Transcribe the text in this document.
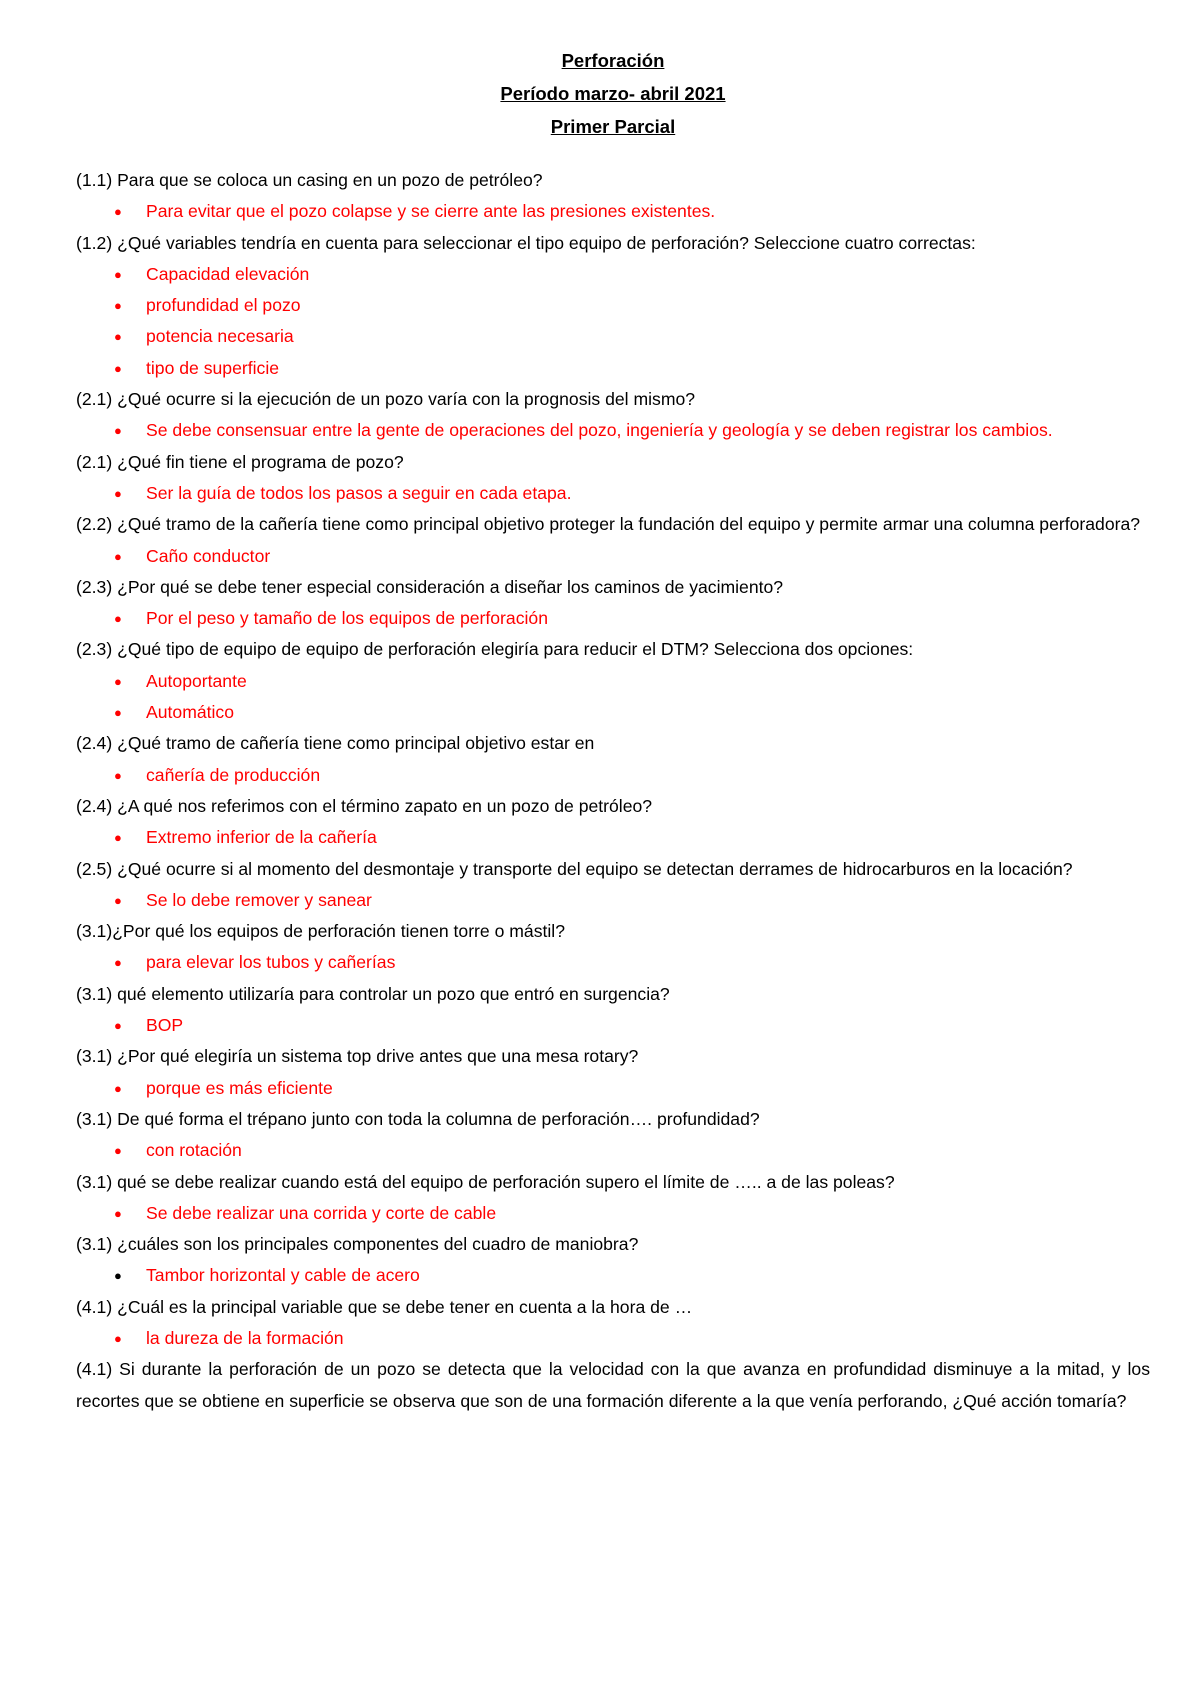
Perforación
Período marzo- abril 2021
Primer Parcial

(1.1) Para que se coloca un casing en un pozo de petróleo?

● Para evitar que el pozo colapse y se cierre ante las presiones existentes.

(1.2) ¿Qué variables tendría en cuenta para seleccionar el tipo equipo de perforación? Seleccione cuatro correctas:

● Capacidad elevación

● profundidad el pozo

● potencia necesaria

● tipo de superficie

(2.1) ¿Qué ocurre si la ejecución de un pozo varía con la prognosis del mismo?

● Se debe consensuar entre la gente de operaciones del pozo, ingeniería y geología y se deben registrar los cambios.

(2.1) ¿Qué fin tiene el programa de pozo?

● Ser la guía de todos los pasos a seguir en cada etapa.

(2.2) ¿Qué tramo de la cañería tiene como principal objetivo proteger la fundación del equipo y permite armar una columna perforadora?

● Caño conductor

(2.3) ¿Por qué se debe tener especial consideración a diseñar los caminos de yacimiento?

● Por el peso y tamaño de los equipos de perforación

(2.3) ¿Qué tipo de equipo de equipo de perforación elegiría para reducir el DTM? Selecciona dos opciones:

● Autoportante

● Automático

(2.4) ¿Qué tramo de cañería tiene como principal objetivo estar en

● cañería de producción

(2.4) ¿A qué nos referimos con el término zapato en un pozo de petróleo?

● Extremo inferior de la cañería

(2.5) ¿Qué ocurre si al momento del desmontaje y transporte del equipo se detectan derrames de hidrocarburos en la locación?

● Se lo debe remover y sanear

(3.1)¿Por qué los equipos de perforación tienen torre o mástil?

● para elevar los tubos y cañerías

(3.1) qué elemento utilizaría para controlar un pozo que entró en surgencia?

● BOP

(3.1) ¿Por qué elegiría un sistema top drive antes que una mesa rotary?

● porque es más eficiente

(3.1) De qué forma el trépano junto con toda la columna de perforación…. profundidad?

● con rotación

(3.1) qué se debe realizar cuando está del equipo de perforación supero el límite de ….. a de las poleas?

● Se debe realizar una corrida y corte de cable

(3.1) ¿cuáles son los principales componentes del cuadro de maniobra?

● Tambor horizontal y cable de acero

(4.1) ¿Cuál es la principal variable que se debe tener en cuenta a la hora de …

● la dureza de la formación

(4.1) Si durante la perforación de un pozo se detecta que la velocidad con la que avanza en profundidad disminuye a la mitad, y los recortes que se obtiene en superficie se observa que son de una formación diferente a la que venía perforando, ¿Qué acción tomaría?
